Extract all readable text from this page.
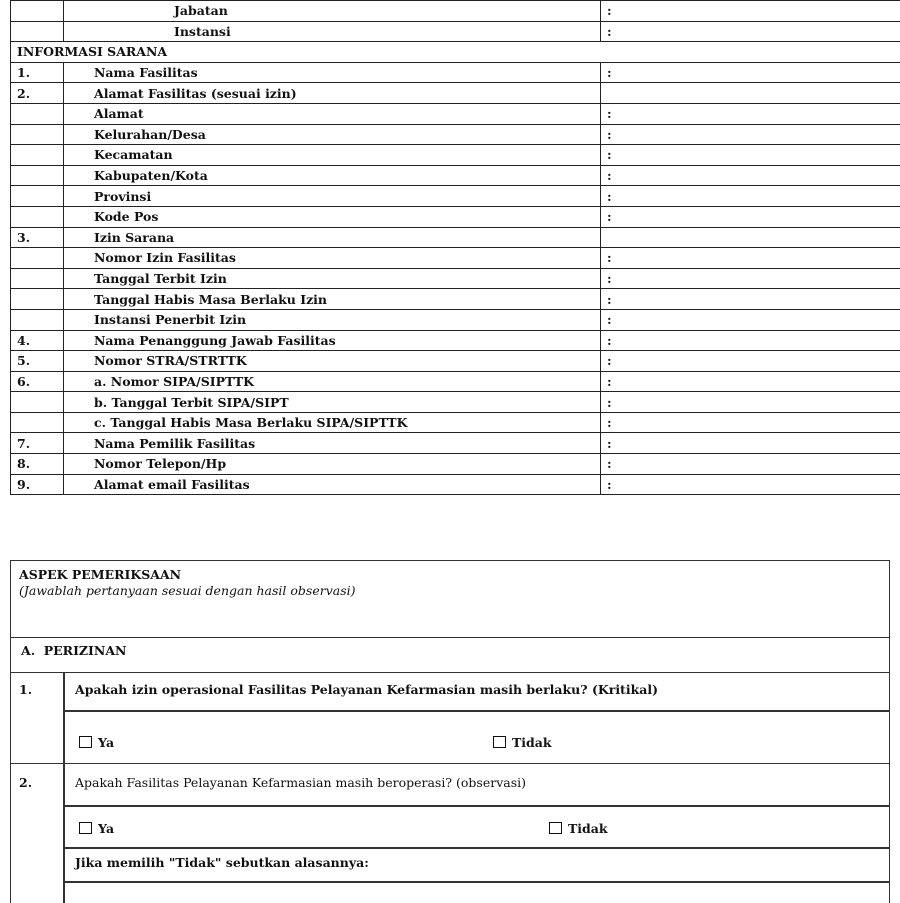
	Jabatan	:
	Instansi	:
INFORMASI SARANA		
1.	Nama Fasilitas	:
2.	Alamat Fasilitas (sesuai izin)	
	Alamat	:
	Kelurahan/Desa	:
	Kecamatan	:
	Kabupaten/Kota	:
	Provinsi	:
	Kode Pos	:
3.	Izin Sarana	
	Nomor Izin Fasilitas	:
	Tanggal Terbit Izin	:
	Tanggal Habis Masa Berlaku Izin	:
	Instansi Penerbit Izin	:
4.	Nama Penanggung Jawab Fasilitas	:
5.	Nomor STRA/STRTTK	:
6.	a. Nomor SIPA/SIPTTK	:
	b. Tanggal Terbit SIPA/SIPT	:
	c. Tanggal Habis Masa Berlaku SIPA/SIPTTK	:
7.	Nama Pemilik Fasilitas	:
8.	Nomor Telepon/Hp	:
9.	Alamat email Fasilitas	:
ASPEK PEMERIKSAAN
(Jawablah pertanyaan sesuai dengan hasil observasi)
A.  PERIZINAN
1.	Apakah izin operasional Fasilitas Pelayanan Kefarmasian masih berlaku? (Kritikal)
Ya	Tidak
2.	Apakah Fasilitas Pelayanan Kefarmasian masih beroperasi? (observasi)
Ya	Tidak
Jika memilih "Tidak" sebutkan alasannya:
